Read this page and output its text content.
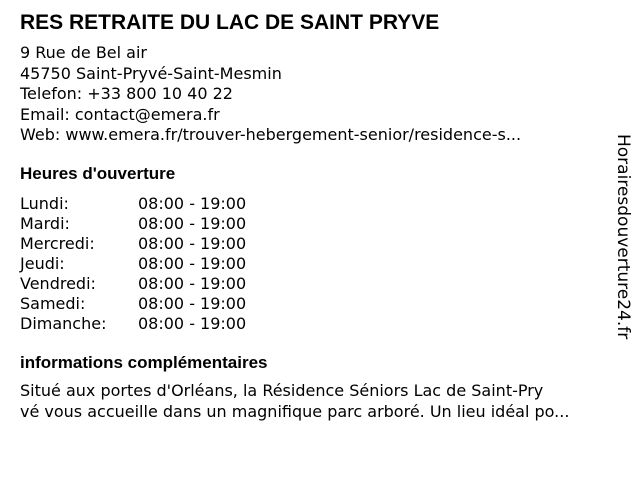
RES RETRAITE DU LAC DE SAINT PRYVE
9 Rue de Bel air
45750 Saint-Pryvé-Saint-Mesmin
Telefon: +33 800 10 40 22
Email: contact@emera.fr
Web: www.emera.fr/trouver-hebergement-senior/residence-s...
Heures d'ouverture
Lundi:	08:00 - 19:00
Mardi:	08:00 - 19:00
Mercredi:	08:00 - 19:00
Jeudi:	08:00 - 19:00
Vendredi:	08:00 - 19:00
Samedi:	08:00 - 19:00
Dimanche:	08:00 - 19:00
informations complémentaires
Situé aux portes d'Orléans, la Résidence Séniors Lac de Saint-Pry
vé vous accueille dans un magnifique parc arboré. Un lieu idéal po...
Horairesdouverture24.fr
